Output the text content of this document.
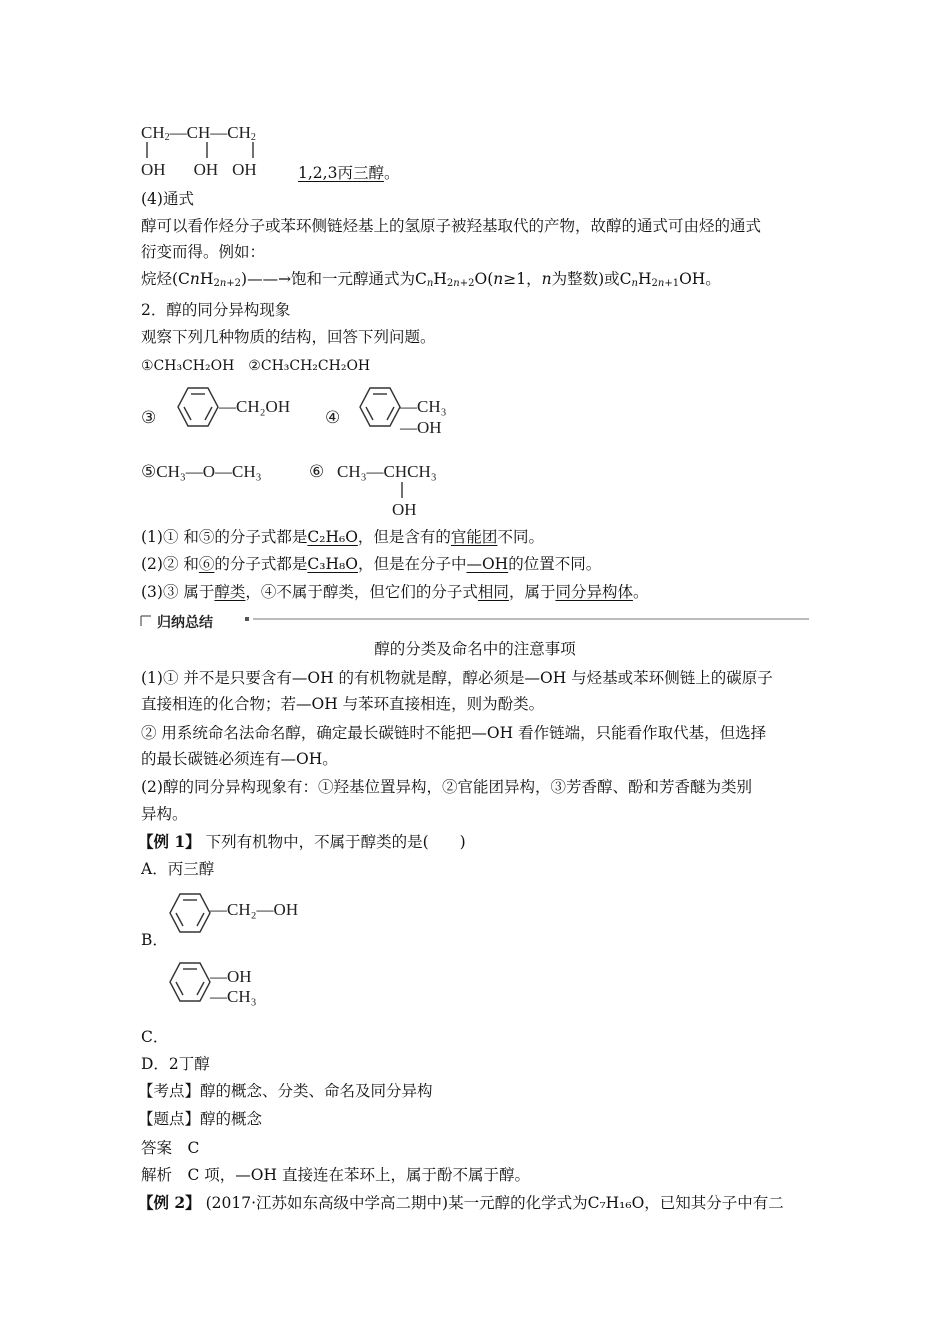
$CH_2—CH—CH_2$
OH OH OH	1,2,3丙三醇。
(4)通式
醇可以看作烃分子或苯环侧链烃基上的氢原子被羟基取代的产物，故醇的通式可由烃的通式
衍变而得。例如：
烷烃(CnH$_{2n+2}$)——→饱和一元醇通式为$C_nH_{2n+2}O(n\ge 1$，n为整数)或$C_nH_{2n+1}OH$。
2．醇的同分异构现象
观察下列几种物质的结构，回答下列问题。
①CH₃CH₂OH　②CH₃CH₂CH₂OH
③
—CH₂OH
④
—CH₃
—OH
⑤CH₃—O—CH₃	⑥ CH₃—CHCH₃
OH
(1)① 和⑤的分子式都是C₂H₆O，但是含有的官能团不同。
(2)② 和⑥的分子式都是C₃H₈O，但是在分子中—OH的位置不同。
(3)③ 属于醇类，④不属于醇类，但它们的分子式相同，属于同分异构体。
归纳总结
醇的分类及命名中的注意事项
(1)① 并不是只要含有—OH 的有机物就是醇，醇必须是—OH 与烃基或苯环侧链上的碳原子
直接相连的化合物；若—OH 与苯环直接相连，则为酚类。
② 用系统命名法命名醇，确定最长碳链时不能把—OH 看作链端，只能看作取代基，但选择
的最长碳链必须连有—OH。
(2)醇的同分异构现象有：①羟基位置异构，②官能团异构，③芳香醇、酚和芳香醚为类别
异构。
【例 1】 下列有机物中，不属于醇类的是(　　)
A．丙三醇
—CH₂—OH
B．
—OH
—CH₃
C．
D．2丁醇
【考点】醇的概念、分类、命名及同分异构
【题点】醇的概念
答案　C
解析　C 项，—OH 直接连在苯环上，属于酚不属于醇。
【例 2】 (2017·江苏如东高级中学高二期中)某一元醇的化学式为C₇H₁₆O，已知其分子中有二
